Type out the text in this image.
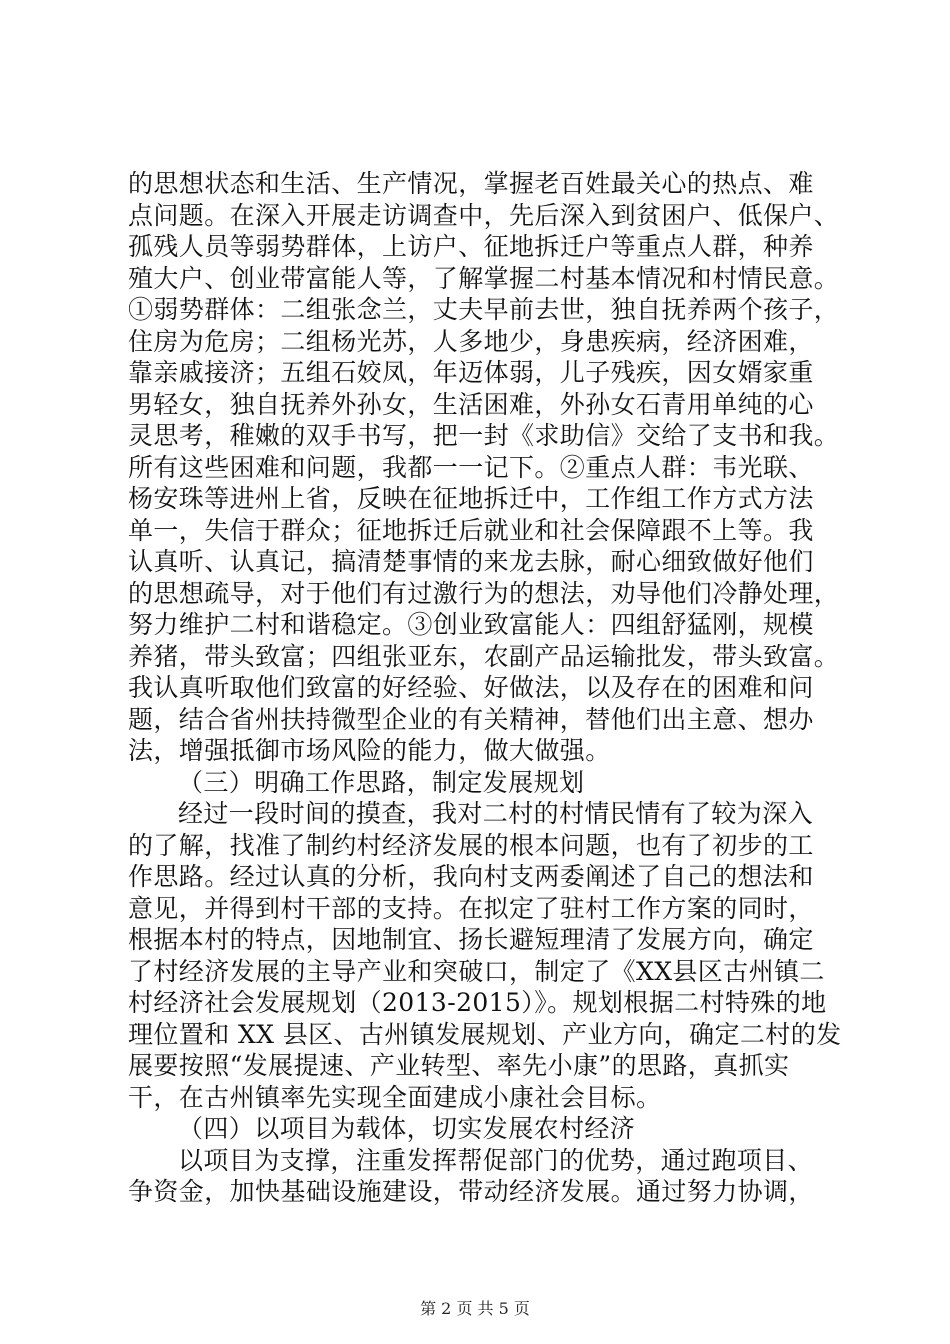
的思想状态和生活、生产情况，掌握老百姓最关心的热点、难
点问题。在深入开展走访调查中，先后深入到贫困户、低保户、
孤残人员等弱势群体，上访户、征地拆迁户等重点人群，种养
殖大户、创业带富能人等，了解掌握二村基本情况和村情民意。
①弱势群体：二组张念兰，丈夫早前去世，独自抚养两个孩子，
住房为危房；二组杨光苏，人多地少，身患疾病，经济困难，
靠亲戚接济；五组石姣凤，年迈体弱，儿子残疾，因女婿家重
男轻女，独自抚养外孙女，生活困难，外孙女石青用单纯的心
灵思考，稚嫩的双手书写，把一封《求助信》交给了支书和我。
所有这些困难和问题，我都一一记下。②重点人群：韦光联、
杨安珠等进州上省，反映在征地拆迁中，工作组工作方式方法
单一，失信于群众；征地拆迁后就业和社会保障跟不上等。我
认真听、认真记，搞清楚事情的来龙去脉，耐心细致做好他们
的思想疏导，对于他们有过激行为的想法，劝导他们冷静处理，
努力维护二村和谐稳定。③创业致富能人：四组舒猛刚，规模
养猪，带头致富；四组张亚东，农副产品运输批发，带头致富。
我认真听取他们致富的好经验、好做法，以及存在的困难和问
题，结合省州扶持微型企业的有关精神，替他们出主意、想办
法，增强抵御市场风险的能力，做大做强。
（三）明确工作思路，制定发展规划
经过一段时间的摸查，我对二村的村情民情有了较为深入
的了解，找准了制约村经济发展的根本问题，也有了初步的工
作思路。经过认真的分析，我向村支两委阐述了自己的想法和
意见，并得到村干部的支持。在拟定了驻村工作方案的同时，
根据本村的特点，因地制宜、扬长避短理清了发展方向，确定
了村经济发展的主导产业和突破口，制定了《XX县区古州镇二
村经济社会发展规划（2013-2015）》。规划根据二村特殊的地
理位置和 XX 县区、古州镇发展规划、产业方向，确定二村的发
展要按照“发展提速、产业转型、率先小康”的思路，真抓实
干，在古州镇率先实现全面建成小康社会目标。
（四）以项目为载体，切实发展农村经济
以项目为支撑，注重发挥帮促部门的优势，通过跑项目、
争资金，加快基础设施建设，带动经济发展。通过努力协调，
第 2 页 共 5 页
